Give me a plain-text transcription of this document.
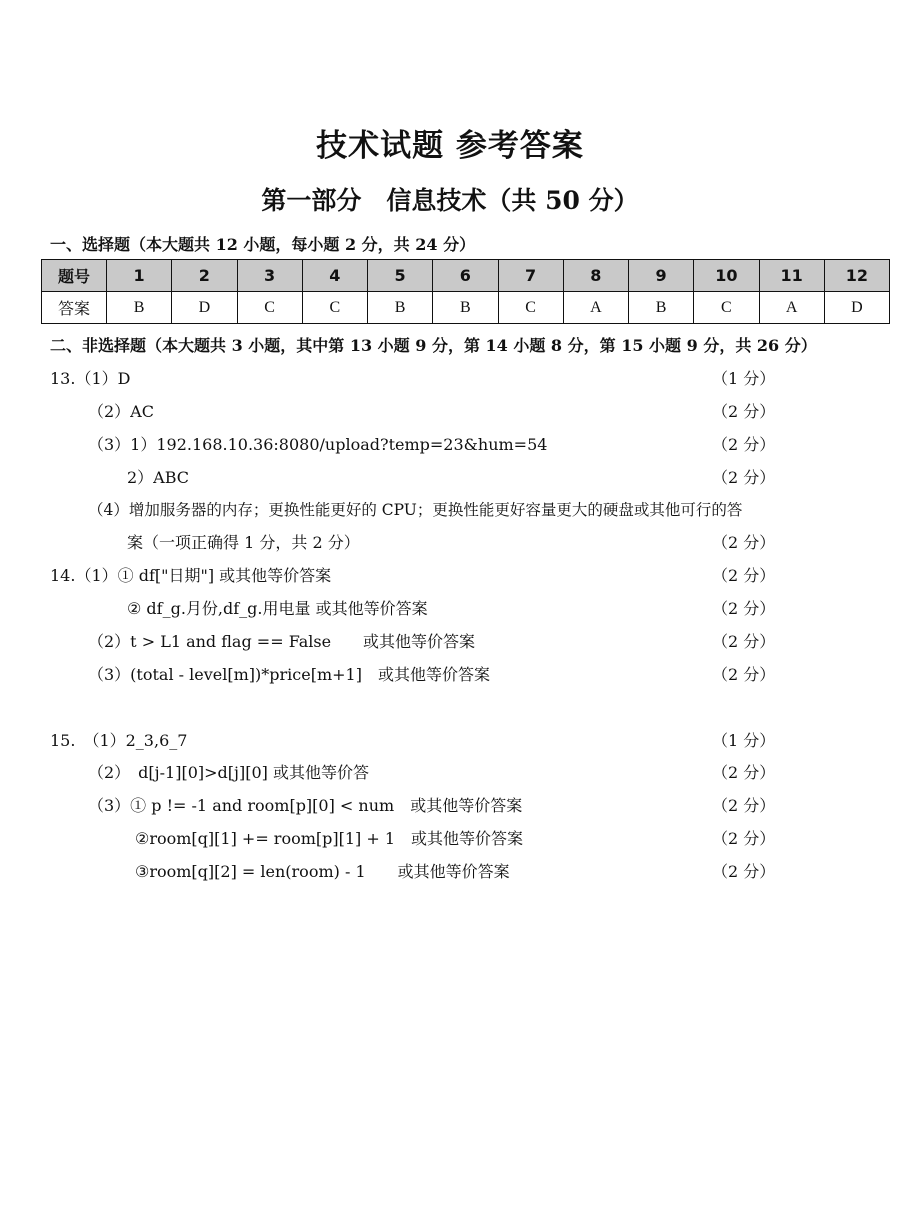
技术试题 参考答案
第一部分　信息技术（共 50 分）
一、选择题（本大题共 12 小题，每小题 2 分，共 24 分）
题号	1	2	3	4	5	6	7	8	9	10	11	12
答案	B	D	C	C	B	B	C	A	B	C	A	D
二、非选择题（本大题共 3 小题，其中第 13 小题 9 分，第 14 小题 8 分，第 15 小题 9 分，共 26 分）
13.（1）D	（1 分）
（2）AC	（2 分）
（3）1）192.168.10.36:8080/upload?temp=23&hum=54	（2 分）
2）ABC	（2 分）
（4）增加服务器的内存；更换性能更好的 CPU；更换性能更好容量更大的硬盘或其他可行的答
案（一项正确得 1 分，共 2 分）	（2 分）
14.（1）① df["日期"] 或其他等价答案	（2 分）
② df_g.月份,df_g.用电量 或其他等价答案	（2 分）
（2）t > L1 and flag == False　　或其他等价答案	（2 分）
（3）(total - level[m])*price[m+1]　或其他等价答案	（2 分）
15.　（1）2_3,6_7	（1 分）
（2）　d[j-1][0]>d[j][0] 或其他等价答	（2 分）
（3）① p != -1 and room[p][0] < num　或其他等价答案	（2 分）
②room[q][1] += room[p][1] + 1　或其他等价答案	（2 分）
③room[q][2] = len(room) - 1　　或其他等价答案	（2 分）
